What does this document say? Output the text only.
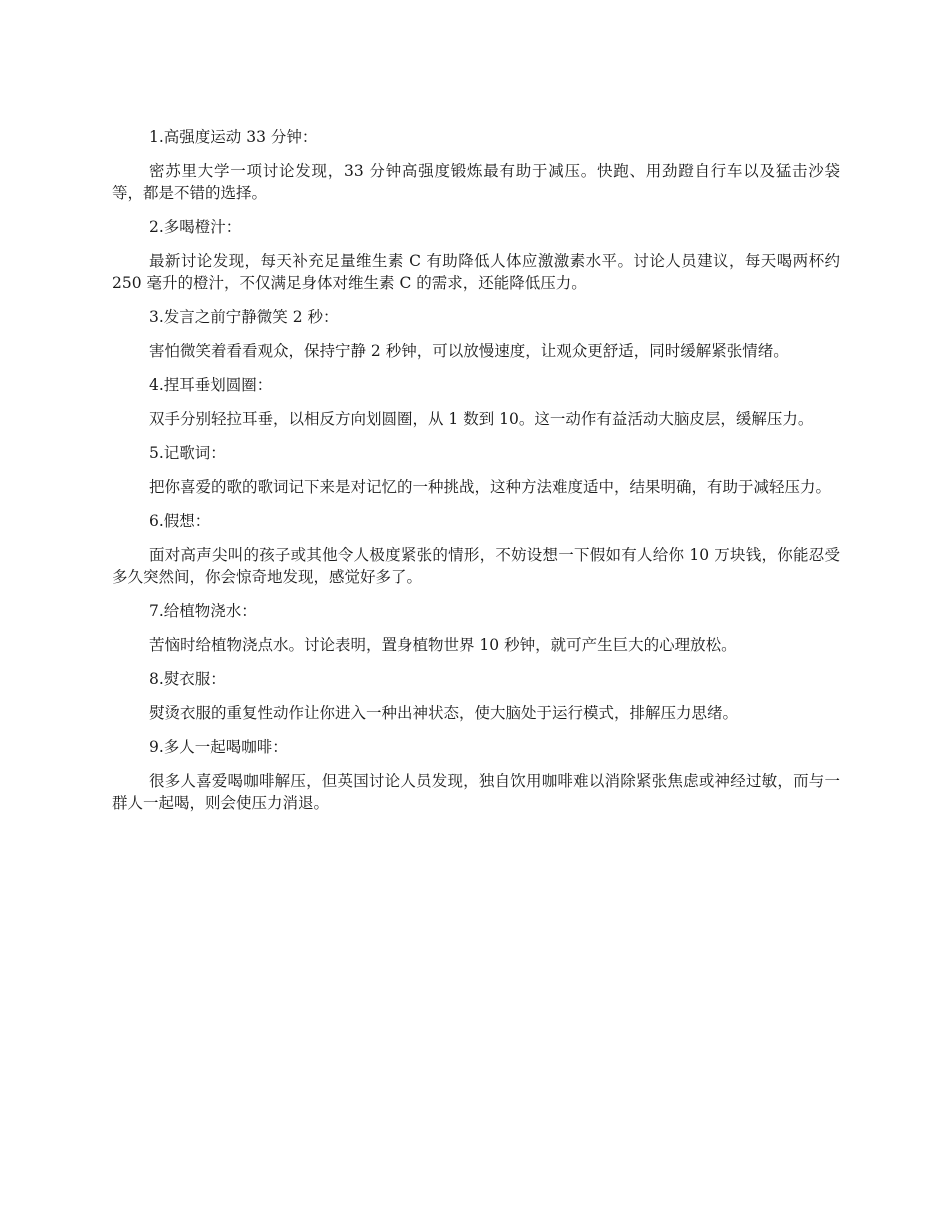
1.高强度运动 33 分钟：

密苏里大学一项讨论发现，33 分钟高强度锻炼最有助于减压。快跑、用劲蹬自行车以及猛击沙袋等，都是不错的选择。

2.多喝橙汁：

最新讨论发现，每天补充足量维生素 C 有助降低人体应激激素水平。讨论人员建议，每天喝两杯约 250 毫升的橙汁，不仅满足身体对维生素 C 的需求，还能降低压力。

3.发言之前宁静微笑 2 秒：

害怕微笑着看看观众，保持宁静 2 秒钟，可以放慢速度，让观众更舒适，同时缓解紧张情绪。

4.捏耳垂划圆圈：

双手分别轻拉耳垂，以相反方向划圆圈，从 1 数到 10。这一动作有益活动大脑皮层，缓解压力。

5.记歌词：

把你喜爱的歌的歌词记下来是对记忆的一种挑战，这种方法难度适中，结果明确，有助于减轻压力。

6.假想：

面对高声尖叫的孩子或其他令人极度紧张的情形，不妨设想一下假如有人给你 10 万块钱，你能忍受多久突然间，你会惊奇地发现，感觉好多了。

7.给植物浇水：

苦恼时给植物浇点水。讨论表明，置身植物世界 10 秒钟，就可产生巨大的心理放松。

8.熨衣服：

熨烫衣服的重复性动作让你进入一种出神状态，使大脑处于运行模式，排解压力思绪。

9.多人一起喝咖啡：

很多人喜爱喝咖啡解压，但英国讨论人员发现，独自饮用咖啡难以消除紧张焦虑或神经过敏，而与一群人一起喝，则会使压力消退。
